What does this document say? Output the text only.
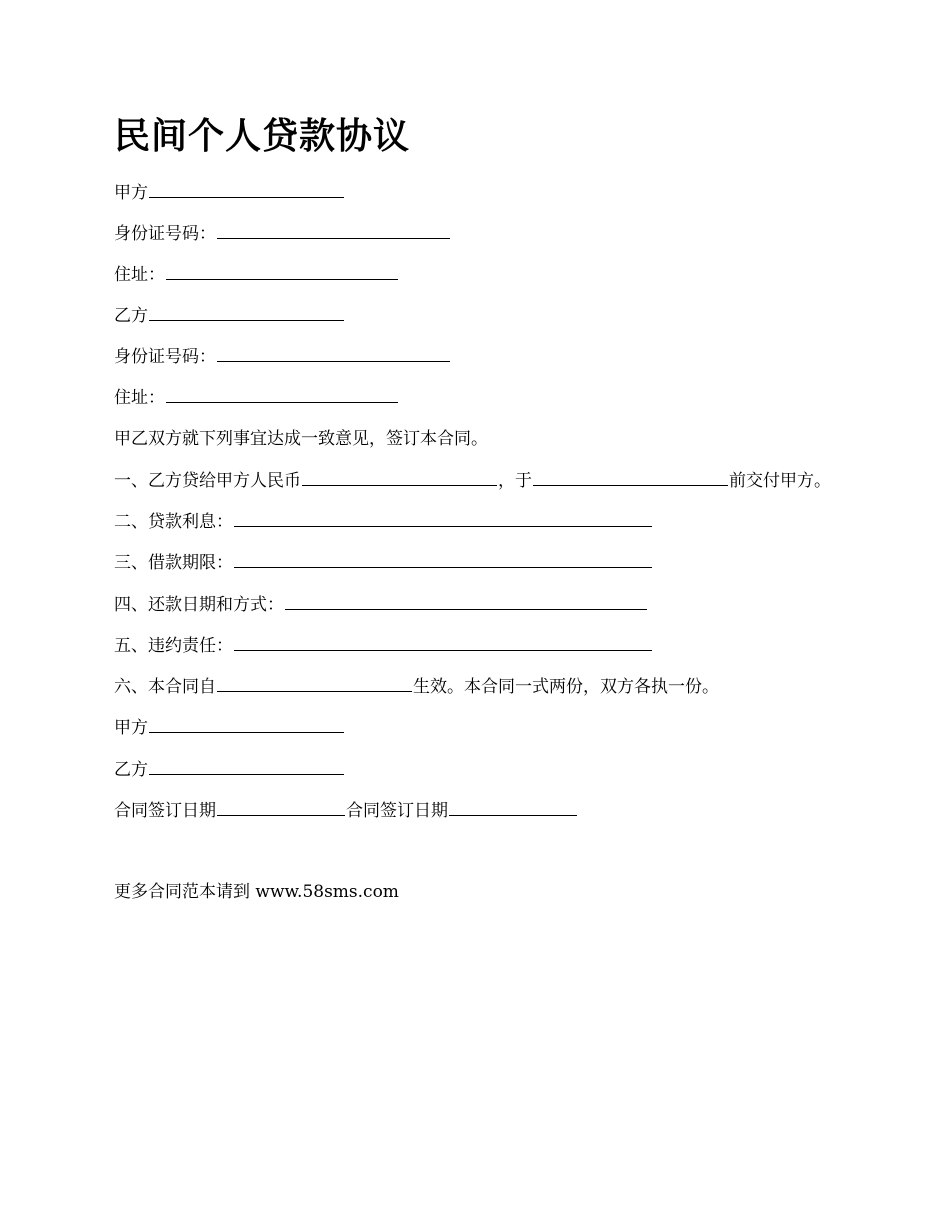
民间个人贷款协议
甲方
身份证号码：
住址：
乙方
身份证号码：
住址：
甲乙双方就下列事宜达成一致意见，签订本合同。
一、乙方贷给甲方人民币	，于	前交付甲方。
二、贷款利息：
三、借款期限：
四、还款日期和方式：
五、违约责任：
六、本合同自	生效。本合同一式两份，双方各执一份。
甲方
乙方
合同签订日期	合同签订日期
更多合同范本请到 www.58sms.com
